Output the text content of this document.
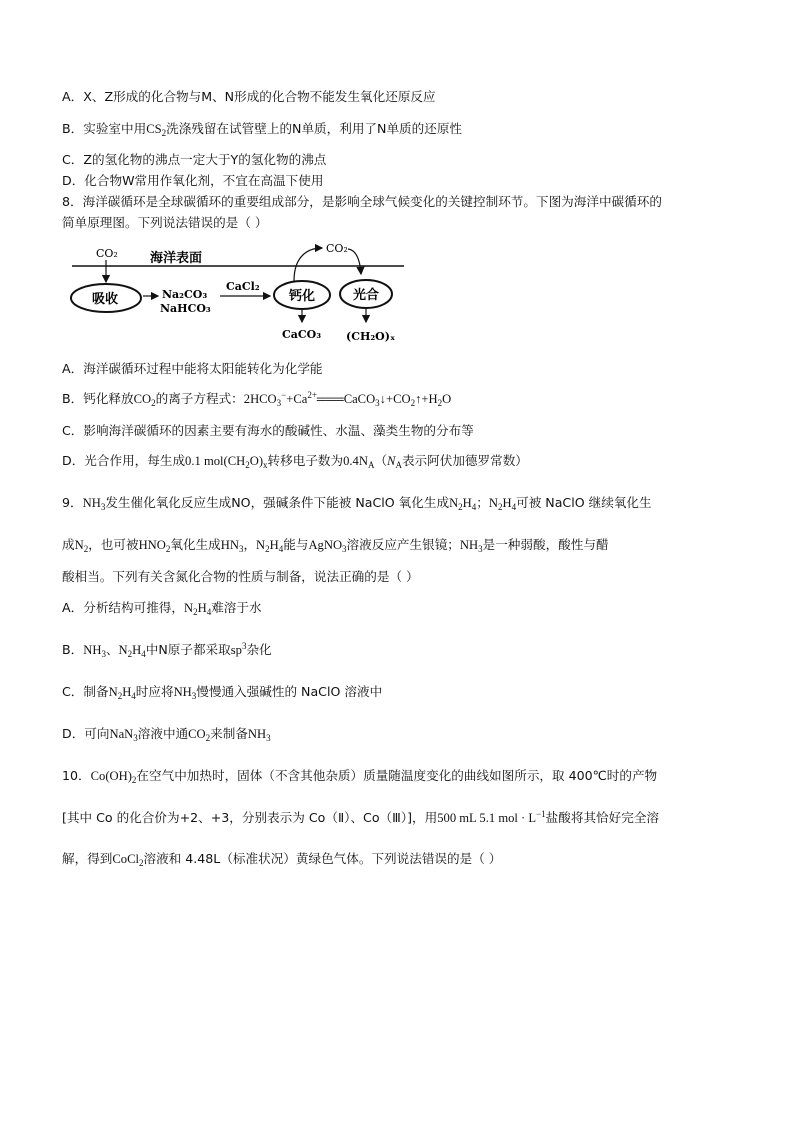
A．X、Z形成的化合物与M、N形成的化合物不能发生氧化还原反应
B．实验室中用$CS_2$洗涤残留在试管壁上的N单质，利用了N单质的还原性
C．Z的氢化物的沸点一定大于Y的氢化物的沸点
D．化合物W常用作氧化剂，不宜在高温下使用
8．海洋碳循环是全球碳循环的重要组成部分，是影响全球气候变化的关键控制环节。下图为海洋中碳循环的
简单原理图。下列说法错误的是（ ）
海洋表面
CO₂
吸收	Na₂CO₃
NaHCO₃
CaCl₂
钙化
CO₂
光合
CaCO₃ (CH₂O)ₓ
A．海洋碳循环过程中能将太阳能转化为化学能
B．钙化释放$CO_2$的离子方程式：$2HCO_3^-+Ca^{2+}═══CaCO_3↓+CO_2↑+H_2O$
C．影响海洋碳循环的因素主要有海水的酸碱性、水温、藻类生物的分布等
D．光合作用，每生成0.1 $mol(CH_2O)_x$转移电子数为$0.4N_A(N_A$表示阿伏加德罗常数）
9．$NH_3$发生催化氧化反应生成NO，强碱条件下能被 NaClO 氧化生成$N_2H_4$；$N_2H_4$可被 NaClO 继续氧化生
成$N_2$，也可被$HNO_2$氧化生成$HN_3$，$N_2H_4$能与AgNO$_3$溶液反应产生银镜；$NH_3$是一种弱酸，酸性与醋
酸相当。下列有关含氮化合物的性质与制备，说法正确的是（ ）
A．分析结构可推得，$N_2H_4$难溶于水
B．$NH_3$、$N_2H_4$中N原子都采取$sp^3$杂化
C．制备$N_2H_4$时应将$NH_3$慢慢通入强碱性的 NaClO 溶液中
D．可向NaN$_3$溶液中通$CO_2$来制备$NH_3$
10．$Co(OH)_2$在空气中加热时，固体（不含其他杂质）质量随温度变化的曲线如图所示，取 400℃时的产物
[其中 Co 的化合价为+2、+3，分别表示为 Co（Ⅱ）、Co（Ⅲ）]，用500 mL 5.1 mol · $L^{-1}$盐酸将其恰好完全溶
解，得到CoCl$_2$溶液和 4.48L（标准状况）黄绿色气体。下列说法错误的是（ ）
